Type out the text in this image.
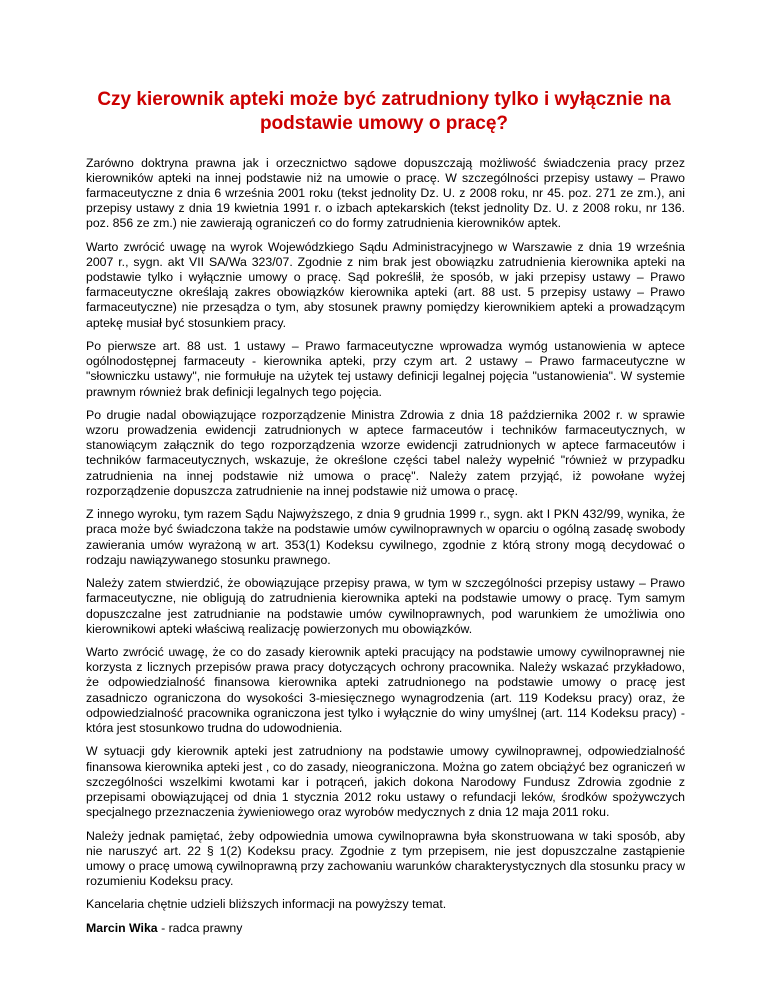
Czy kierownik apteki może być zatrudniony tylko i wyłącznie na podstawie umowy o pracę?

Zarówno doktryna prawna jak i orzecznictwo sądowe dopuszczają możliwość świadczenia pracy przez kierowników apteki na innej podstawie niż na umowie o pracę. W szczególności przepisy ustawy – Prawo farmaceutyczne z dnia 6 września 2001 roku (tekst jednolity Dz. U. z 2008 roku, nr 45. poz. 271 ze zm.), ani przepisy ustawy z dnia 19 kwietnia 1991 r. o izbach aptekarskich (tekst jednolity Dz. U. z 2008 roku, nr 136. poz. 856 ze zm.) nie zawierają ograniczeń co do formy zatrudnienia kierowników aptek.

Warto zwrócić uwagę na wyrok Wojewódzkiego Sądu Administracyjnego w Warszawie z dnia 19 września 2007 r., sygn. akt VII SA/Wa 323/07. Zgodnie z nim brak jest obowiązku zatrudnienia kierownika apteki na podstawie tylko i wyłącznie umowy o pracę. Sąd pokreślił, że sposób, w jaki przepisy ustawy – Prawo farmaceutyczne określają zakres obowiązków kierownika apteki (art. 88 ust. 5 przepisy ustawy – Prawo farmaceutyczne) nie przesądza o tym, aby stosunek prawny pomiędzy kierownikiem apteki a prowadzącym aptekę musiał być stosunkiem pracy.

Po pierwsze art. 88 ust. 1 ustawy – Prawo farmaceutyczne wprowadza wymóg ustanowienia w aptece ogólnodostępnej farmaceuty - kierownika apteki, przy czym art. 2 ustawy – Prawo farmaceutyczne w "słowniczku ustawy", nie formułuje na użytek tej ustawy definicji legalnej pojęcia "ustanowienia". W systemie prawnym również brak definicji legalnych tego pojęcia.

Po drugie nadal obowiązujące rozporządzenie Ministra Zdrowia z dnia 18 października 2002 r. w sprawie wzoru prowadzenia ewidencji zatrudnionych w aptece farmaceutów i techników farmaceutycznych, w stanowiącym załącznik do tego rozporządzenia wzorze ewidencji zatrudnionych w aptece farmaceutów i techników farmaceutycznych, wskazuje, że określone części tabel należy wypełnić "również w przypadku zatrudnienia na innej podstawie niż umowa o pracę". Należy zatem przyjąć, iż powołane wyżej rozporządzenie dopuszcza zatrudnienie na innej podstawie niż umowa o pracę.

Z innego wyroku, tym razem Sądu Najwyższego, z dnia 9 grudnia 1999 r., sygn. akt I PKN 432/99, wynika, że praca może być świadczona także na podstawie umów cywilnoprawnych w oparciu o ogólną zasadę swobody zawierania umów wyrażoną w art. 353(1) Kodeksu cywilnego, zgodnie z którą strony mogą decydować o rodzaju nawiązywanego stosunku prawnego.

Należy zatem stwierdzić, że obowiązujące przepisy prawa, w tym w szczególności przepisy ustawy – Prawo farmaceutyczne, nie obligują do zatrudnienia kierownika apteki na podstawie umowy o pracę. Tym samym dopuszczalne jest zatrudnianie na podstawie umów cywilnoprawnych, pod warunkiem że umożliwia ono kierownikowi apteki właściwą realizację powierzonych mu obowiązków.

Warto zwrócić uwagę, że co do zasady kierownik apteki pracujący na podstawie umowy cywilnoprawnej nie korzysta z licznych przepisów prawa pracy dotyczących ochrony pracownika. Należy wskazać przykładowo, że odpowiedzialność finansowa kierownika apteki zatrudnionego na podstawie umowy o pracę jest zasadniczo ograniczona do wysokości 3-miesięcznego wynagrodzenia (art. 119 Kodeksu pracy) oraz, że odpowiedzialność pracownika ograniczona jest tylko i wyłącznie do winy umyślnej (art. 114 Kodeksu pracy) - która jest stosunkowo trudna do udowodnienia.

W sytuacji gdy kierownik apteki jest zatrudniony na podstawie umowy cywilnoprawnej, odpowiedzialność finansowa kierownika apteki jest , co do zasady, nieograniczona. Można go zatem obciążyć bez ograniczeń w szczególności wszelkimi kwotami kar i potrąceń, jakich dokona Narodowy Fundusz Zdrowia zgodnie z przepisami obowiązującej od dnia 1 stycznia 2012 roku ustawy o refundacji leków, środków spożywczych specjalnego przeznaczenia żywieniowego oraz wyrobów medycznych z dnia 12 maja 2011 roku.

Należy jednak pamiętać, żeby odpowiednia umowa cywilnoprawna była skonstruowana w taki sposób, aby nie naruszyć art. 22 § 1(2) Kodeksu pracy. Zgodnie z tym przepisem, nie jest dopuszczalne zastąpienie umowy o pracę umową cywilnoprawną przy zachowaniu warunków charakterystycznych dla stosunku pracy w rozumieniu Kodeksu pracy.

Kancelaria chętnie udzieli bliższych informacji na powyższy temat.

Marcin Wika - radca prawny
